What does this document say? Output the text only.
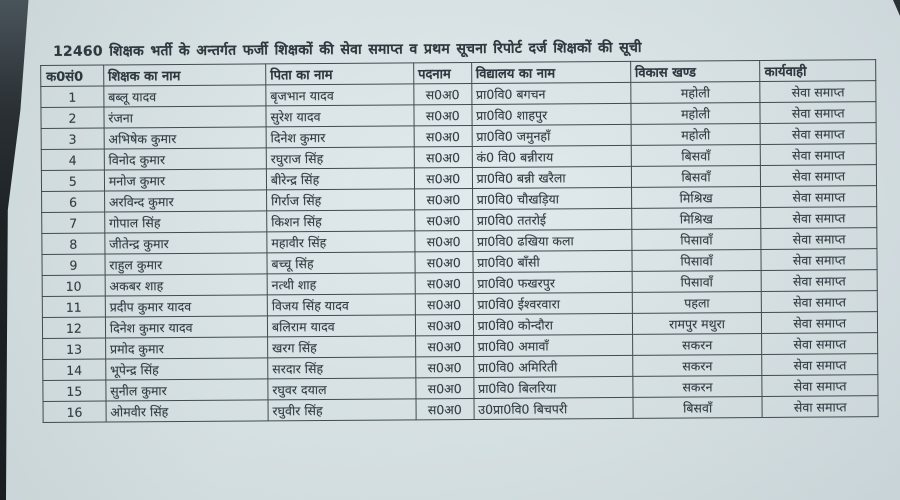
12460 शिक्षक भर्ती के अन्तर्गत फर्जी शिक्षकों की सेवा समाप्त व प्रथम सूचना रिपोर्ट दर्ज शिक्षकों की सूची
क0सं0	शिक्षक का नाम	पिता का नाम	पदनाम	विद्यालय का नाम	विकास खण्ड	कार्यवाही
1	बब्लू यादव	बृजभान यादव	स0अ0	प्रा0वि0 बगचन	महोली	सेवा समाप्त
2	रंजना	सुरेश यादव	स0अ0	प्रा0वि0 शाहपुर	महोली	सेवा समाप्त
3	अभिषेक कुमार	दिनेश कुमार	स0अ0	प्रा0वि0 जमुनहाँ	महोली	सेवा समाप्त
4	विनोद कुमार	रघुराज सिंह	स0अ0	कं0 वि0 बन्नीराय	बिसवाँ	सेवा समाप्त
5	मनोज कुमार	बीरेन्द्र सिंह	स0अ0	प्रा0वि0 बन्नी खरैला	बिसवाँ	सेवा समाप्त
6	अरविन्द कुमार	गिर्राज सिंह	स0अ0	प्रा0वि0 चौखड़िया	मिश्रिख	सेवा समाप्त
7	गोपाल सिंह	किशन सिंह	स0अ0	प्रा0वि0 ततरोई	मिश्रिख	सेवा समाप्त
8	जीतेन्द्र कुमार	महावीर सिंह	स0अ0	प्रा0वि0 ढखिया कला	पिसावाँ	सेवा समाप्त
9	राहुल कुमार	बच्चू सिंह	स0अ0	प्रा0वि0 बाँसी	पिसावाँ	सेवा समाप्त
10	अकबर शाह	नत्थी शाह	स0अ0	प्रा0वि0 फखरपुर	पिसावाँ	सेवा समाप्त
11	प्रदीप कुमार यादव	विजय सिंह यादव	स0अ0	प्रा0वि0 ईश्वरवारा	पहला	सेवा समाप्त
12	दिनेश कुमार यादव	बलिराम यादव	स0अ0	प्रा0वि0 कोन्दौरा	रामपुर मथुरा	सेवा समाप्त
13	प्रमोद कुमार	खरग सिंह	स0अ0	प्रा0वि0 अमावाँ	सकरन	सेवा समाप्त
14	भूपेन्द्र सिंह	सरदार सिंह	स0अ0	प्रा0वि0 अमिरिती	सकरन	सेवा समाप्त
15	सुनील कुमार	रघुवर दयाल	स0अ0	प्रा0वि0 बिलरिया	सकरन	सेवा समाप्त
16	ओमवीर सिंह	रघुवीर सिंह	स0अ0	उ0प्रा0वि0 बिचपरी	बिसवाँ	सेवा समाप्त
